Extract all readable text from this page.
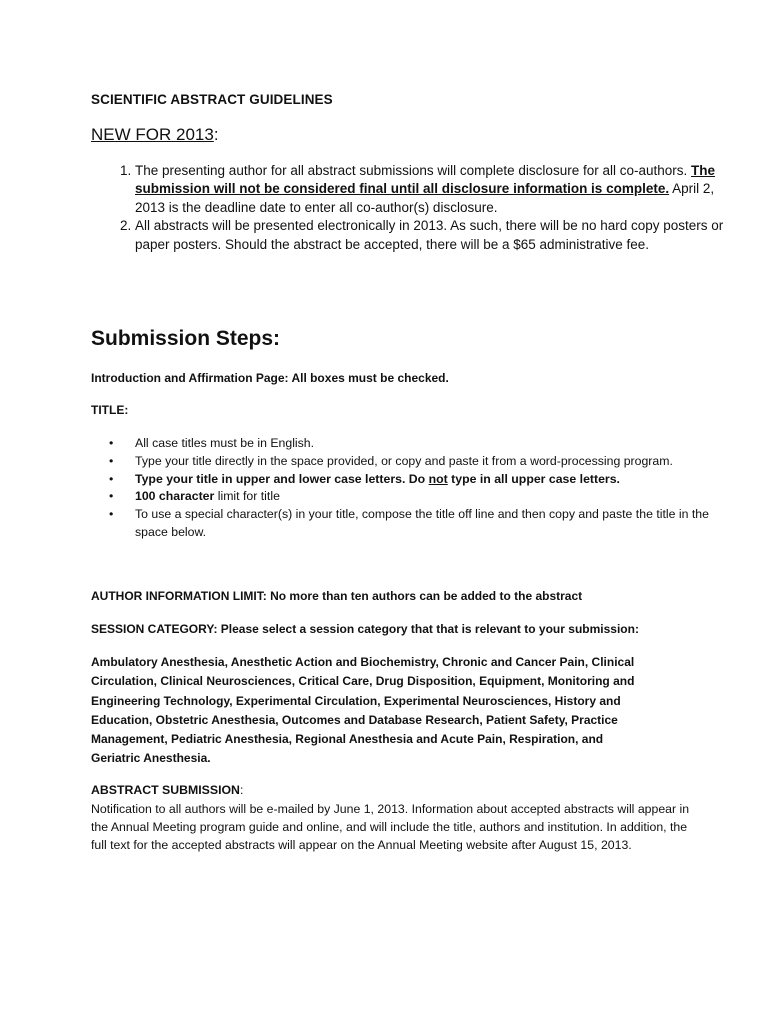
SCIENTIFIC ABSTRACT GUIDELINES

NEW FOR 2013:

1. The presenting author for all abstract submissions will complete disclosure for all co-authors. The submission will not be considered final until all disclosure information is complete. April 2, 2013 is the deadline date to enter all co-author(s) disclosure.
2. All abstracts will be presented electronically in 2013. As such, there will be no hard copy posters or paper posters. Should the abstract be accepted, there will be a $65 administrative fee.
Submission Steps:

Introduction and Affirmation Page: All boxes must be checked.

TITLE:

• All case titles must be in English.
• Type your title directly in the space provided, or copy and paste it from a word-processing program.
• Type your title in upper and lower case letters. Do not type in all upper case letters.
• 100 character limit for title
• To use a special character(s) in your title, compose the title off line and then copy and paste the title in the space below.

AUTHOR INFORMATION LIMIT: No more than ten authors can be added to the abstract

SESSION CATEGORY: Please select a session category that that is relevant to your submission:

Ambulatory Anesthesia, Anesthetic Action and Biochemistry, Chronic and Cancer Pain, Clinical Circulation, Clinical Neurosciences, Critical Care, Drug Disposition, Equipment, Monitoring and Engineering Technology, Experimental Circulation, Experimental Neurosciences, History and Education, Obstetric Anesthesia, Outcomes and Database Research, Patient Safety, Practice Management, Pediatric Anesthesia, Regional Anesthesia and Acute Pain, Respiration, and Geriatric Anesthesia.

ABSTRACT SUBMISSION:

Notification to all authors will be e-mailed by June 1, 2013. Information about accepted abstracts will appear in the Annual Meeting program guide and online, and will include the title, authors and institution. In addition, the full text for the accepted abstracts will appear on the Annual Meeting website after August 15, 2013.
